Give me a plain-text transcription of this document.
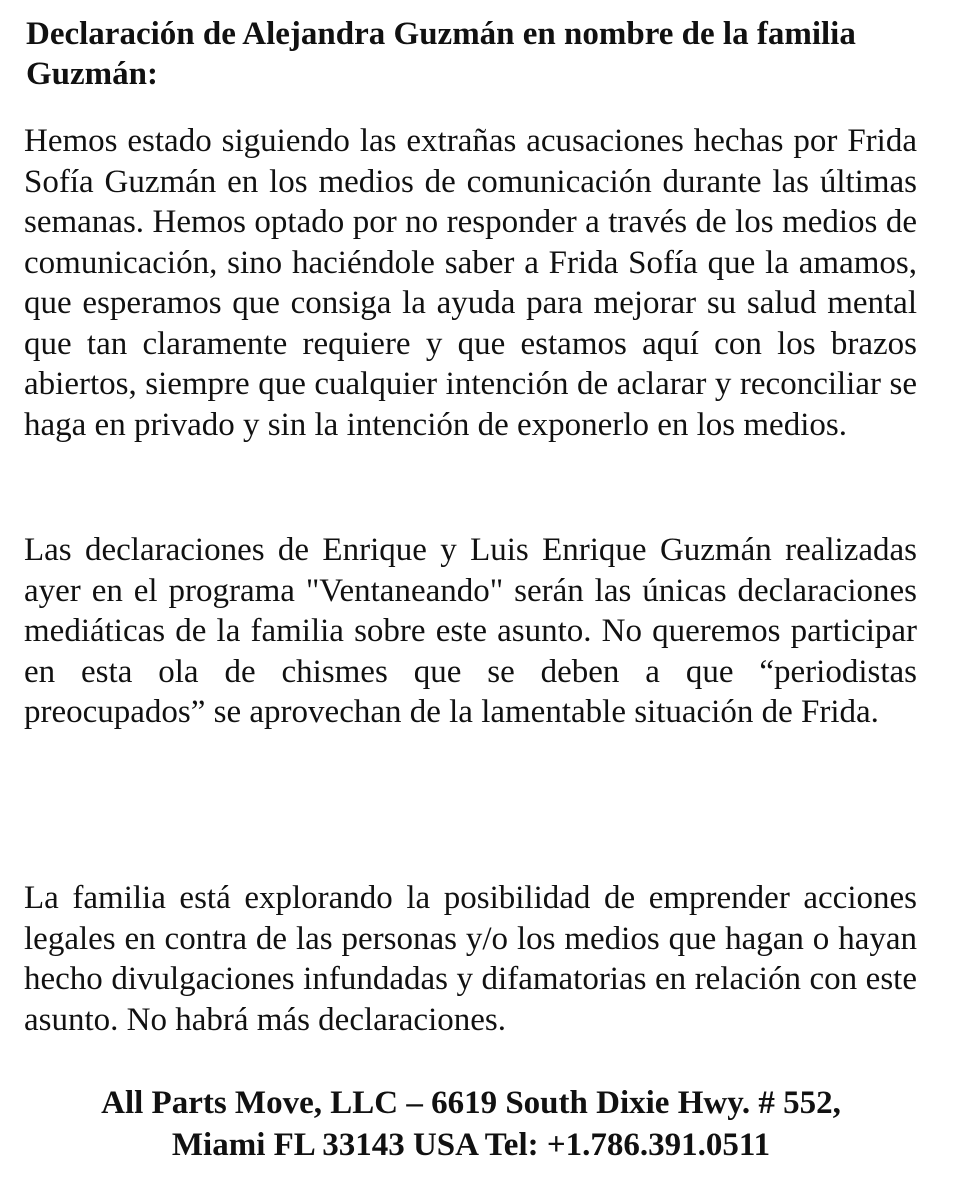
Declaración de Alejandra Guzmán en nombre de la familia Guzmán:

Hemos estado siguiendo las extrañas acusaciones hechas por Frida Sofía Guzmán en los medios de comunicación durante las últimas semanas. Hemos optado por no responder a través de los medios de comunicación, sino haciéndole saber a Frida Sofía que la amamos, que esperamos que consiga la ayuda para mejorar su salud mental que tan claramente requiere y que estamos aquí con los brazos abiertos, siempre que cualquier intención de aclarar y reconciliar se haga en privado y sin la intención de exponerlo en los medios.

Las declaraciones de Enrique y Luis Enrique Guzmán realizadas ayer en el programa "Ventaneando" serán las únicas declaraciones mediáticas de la familia sobre este asunto. No queremos participar en esta ola de chismes que se deben a que “periodistas preocupados” se aprovechan de la lamentable situación de Frida.

La familia está explorando la posibilidad de emprender acciones legales en contra de las personas y/o los medios que hagan o hayan hecho divulgaciones infundadas y difamatorias en relación con este asunto. No habrá más declaraciones.

All Parts Move, LLC – 6619 South Dixie Hwy. # 552,
Miami FL 33143 USA Tel: +1.786.391.0511
